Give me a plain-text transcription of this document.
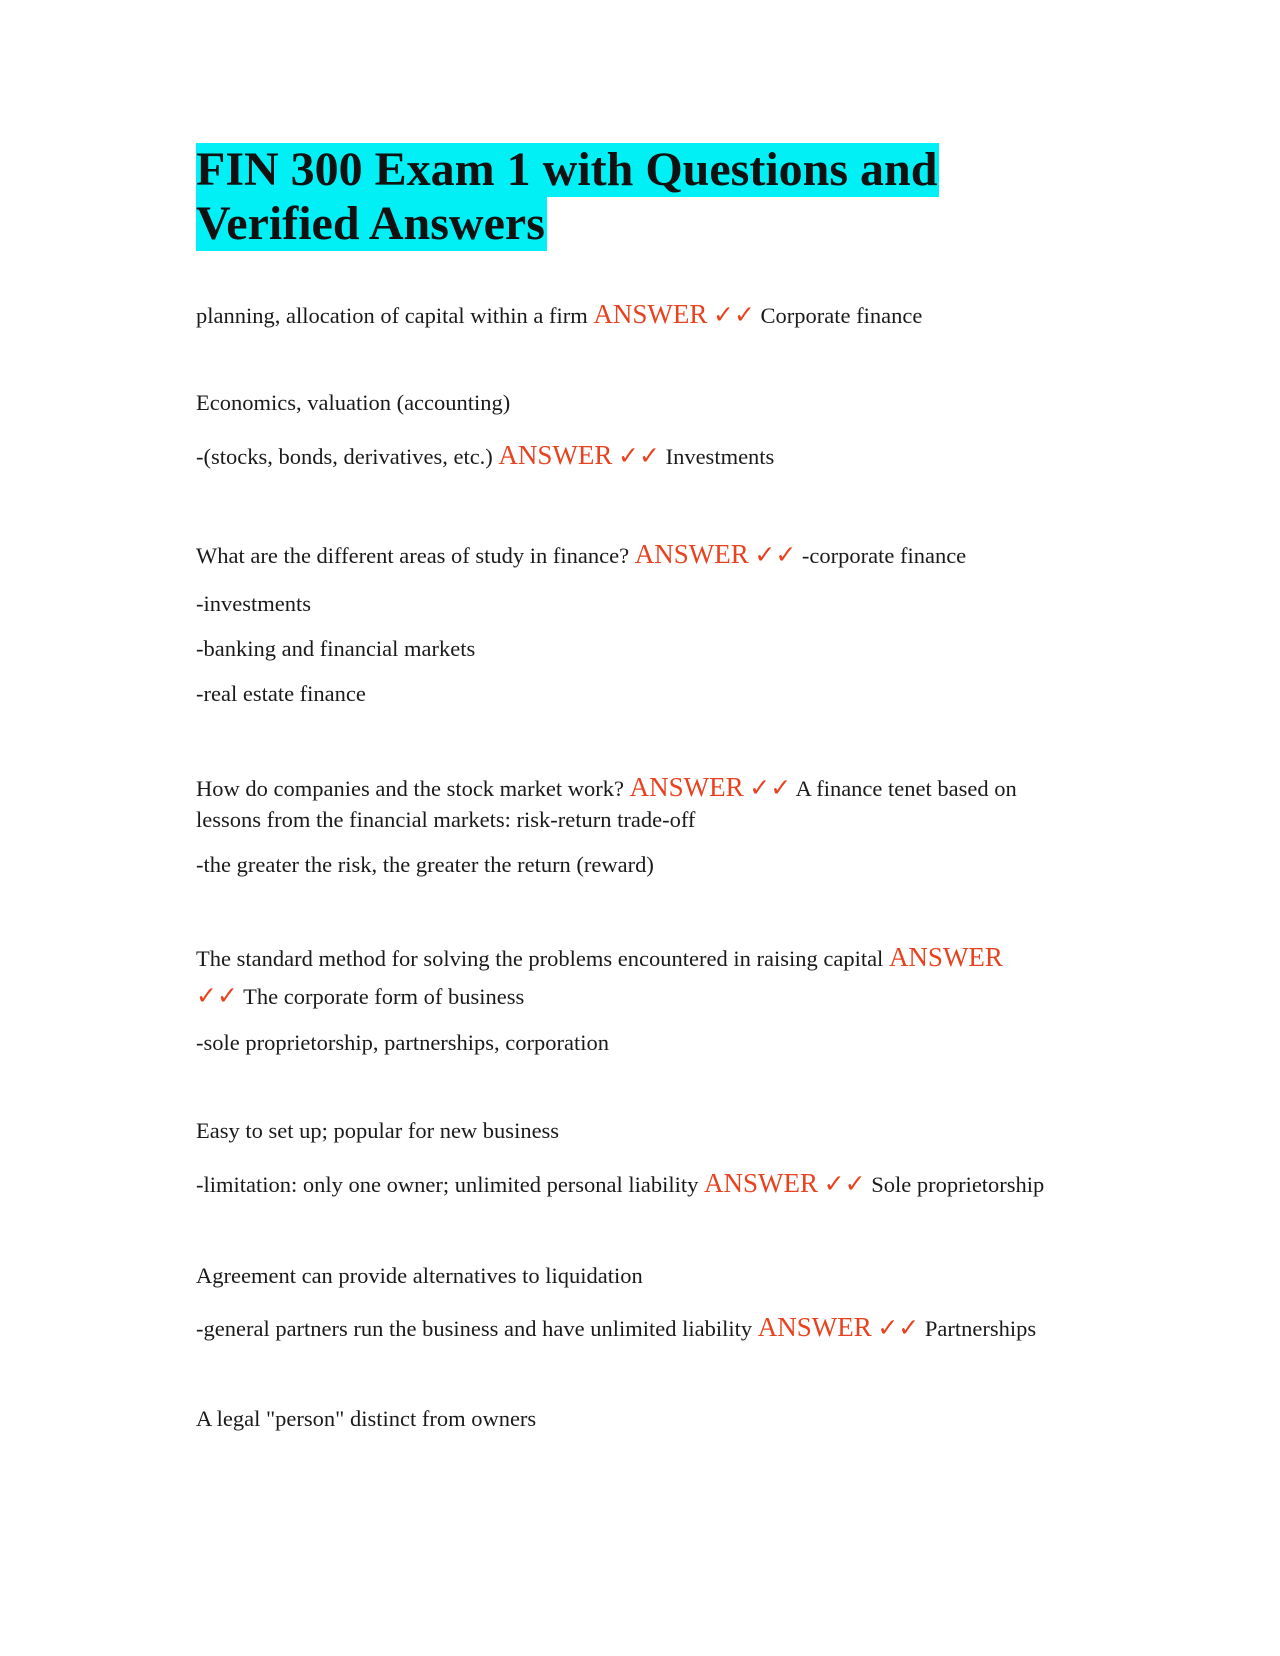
FIN 300 Exam 1 with Questions and
Verified Answers
planning, allocation of capital within a firm ANSWER ✓✓ Corporate finance
Economics, valuation (accounting)
-(stocks, bonds, derivatives, etc.) ANSWER ✓✓ Investments
What are the different areas of study in finance? ANSWER ✓✓ -corporate finance
-investments
-banking and financial markets
-real estate finance
How do companies and the stock market work? ANSWER ✓✓ A finance tenet based on
lessons from the financial markets: risk-return trade-off
-the greater the risk, the greater the return (reward)
The standard method for solving the problems encountered in raising capital ANSWER
✓✓ The corporate form of business
-sole proprietorship, partnerships, corporation
Easy to set up; popular for new business
-limitation: only one owner; unlimited personal liability ANSWER ✓✓ Sole proprietorship
Agreement can provide alternatives to liquidation
-general partners run the business and have unlimited liability ANSWER ✓✓ Partnerships
A legal "person" distinct from owners
